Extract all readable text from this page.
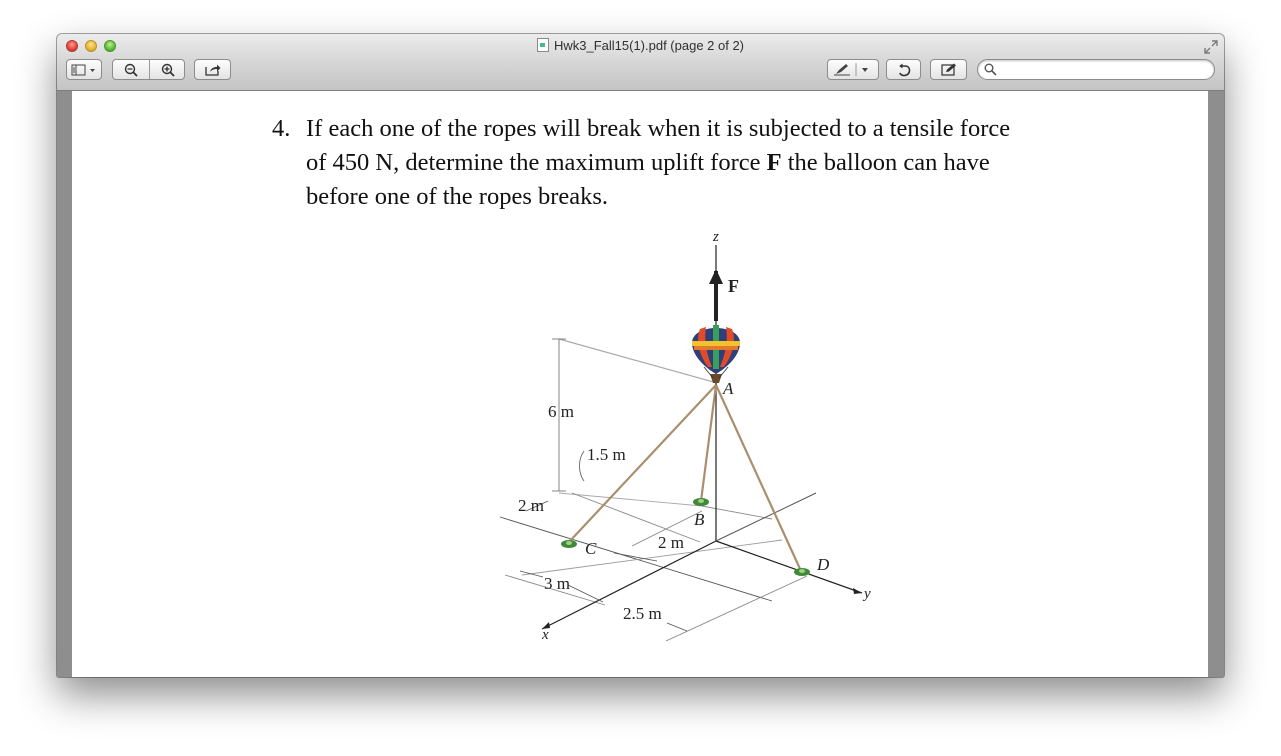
Hwk3_Fall15(1).pdf (page 2 of 2)
4. If each one of the ropes will break when it is subjected to a tensile force
of 450 N, determine the maximum uplift force F the balloon can have
before one of the ropes breaks.
z
F
A
B
C
D
x
y
6 m
1.5 m
2 m
2 m
3 m
2.5 m
